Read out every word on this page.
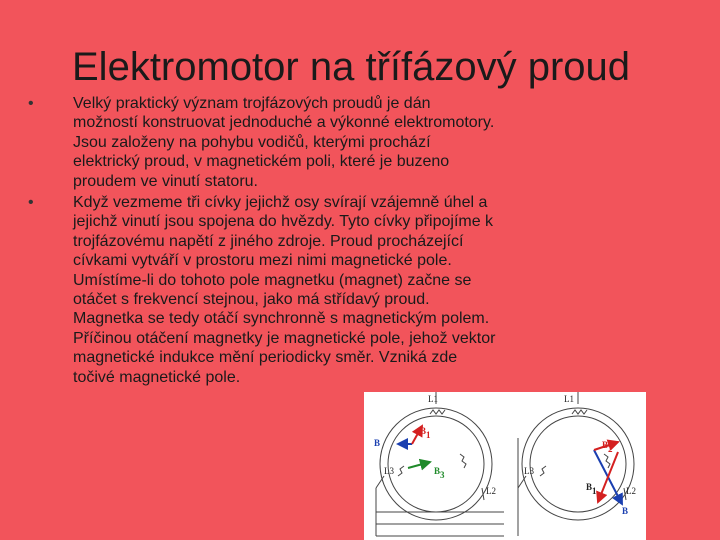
Elektromotor na třífázový proud
•	Velký praktický význam trojfázových proudů je dán možností konstruovat jednoduché a výkonné elektromotory. Jsou založeny na pohybu vodičů, kterými prochází elektrický proud, v magnetickém poli, které je buzeno proudem ve vinutí statoru.
•	Když vezmeme tři cívky jejichž osy svírají vzájemně úhel a jejichž vinutí jsou spojena do hvězdy. Tyto cívky připojíme k trojfázovému napětí z jiného zdroje. Proud procházející cívkami vytváří v prostoru mezi nimi magnetické pole. Umístíme-li do tohoto pole magnetku (magnet) začne se otáčet s frekvencí stejnou, jako má střídavý proud. Magnetka se tedy otáčí synchronně s magnetickým polem. Příčinou otáčení magnetky je magnetické pole, jehož vektor magnetické indukce mění periodicky směr. Vzniká zde točivé magnetické pole.
L1
L2
L3
B
B 1
B 3
L1
L2
L3
B
B 1
B 2
